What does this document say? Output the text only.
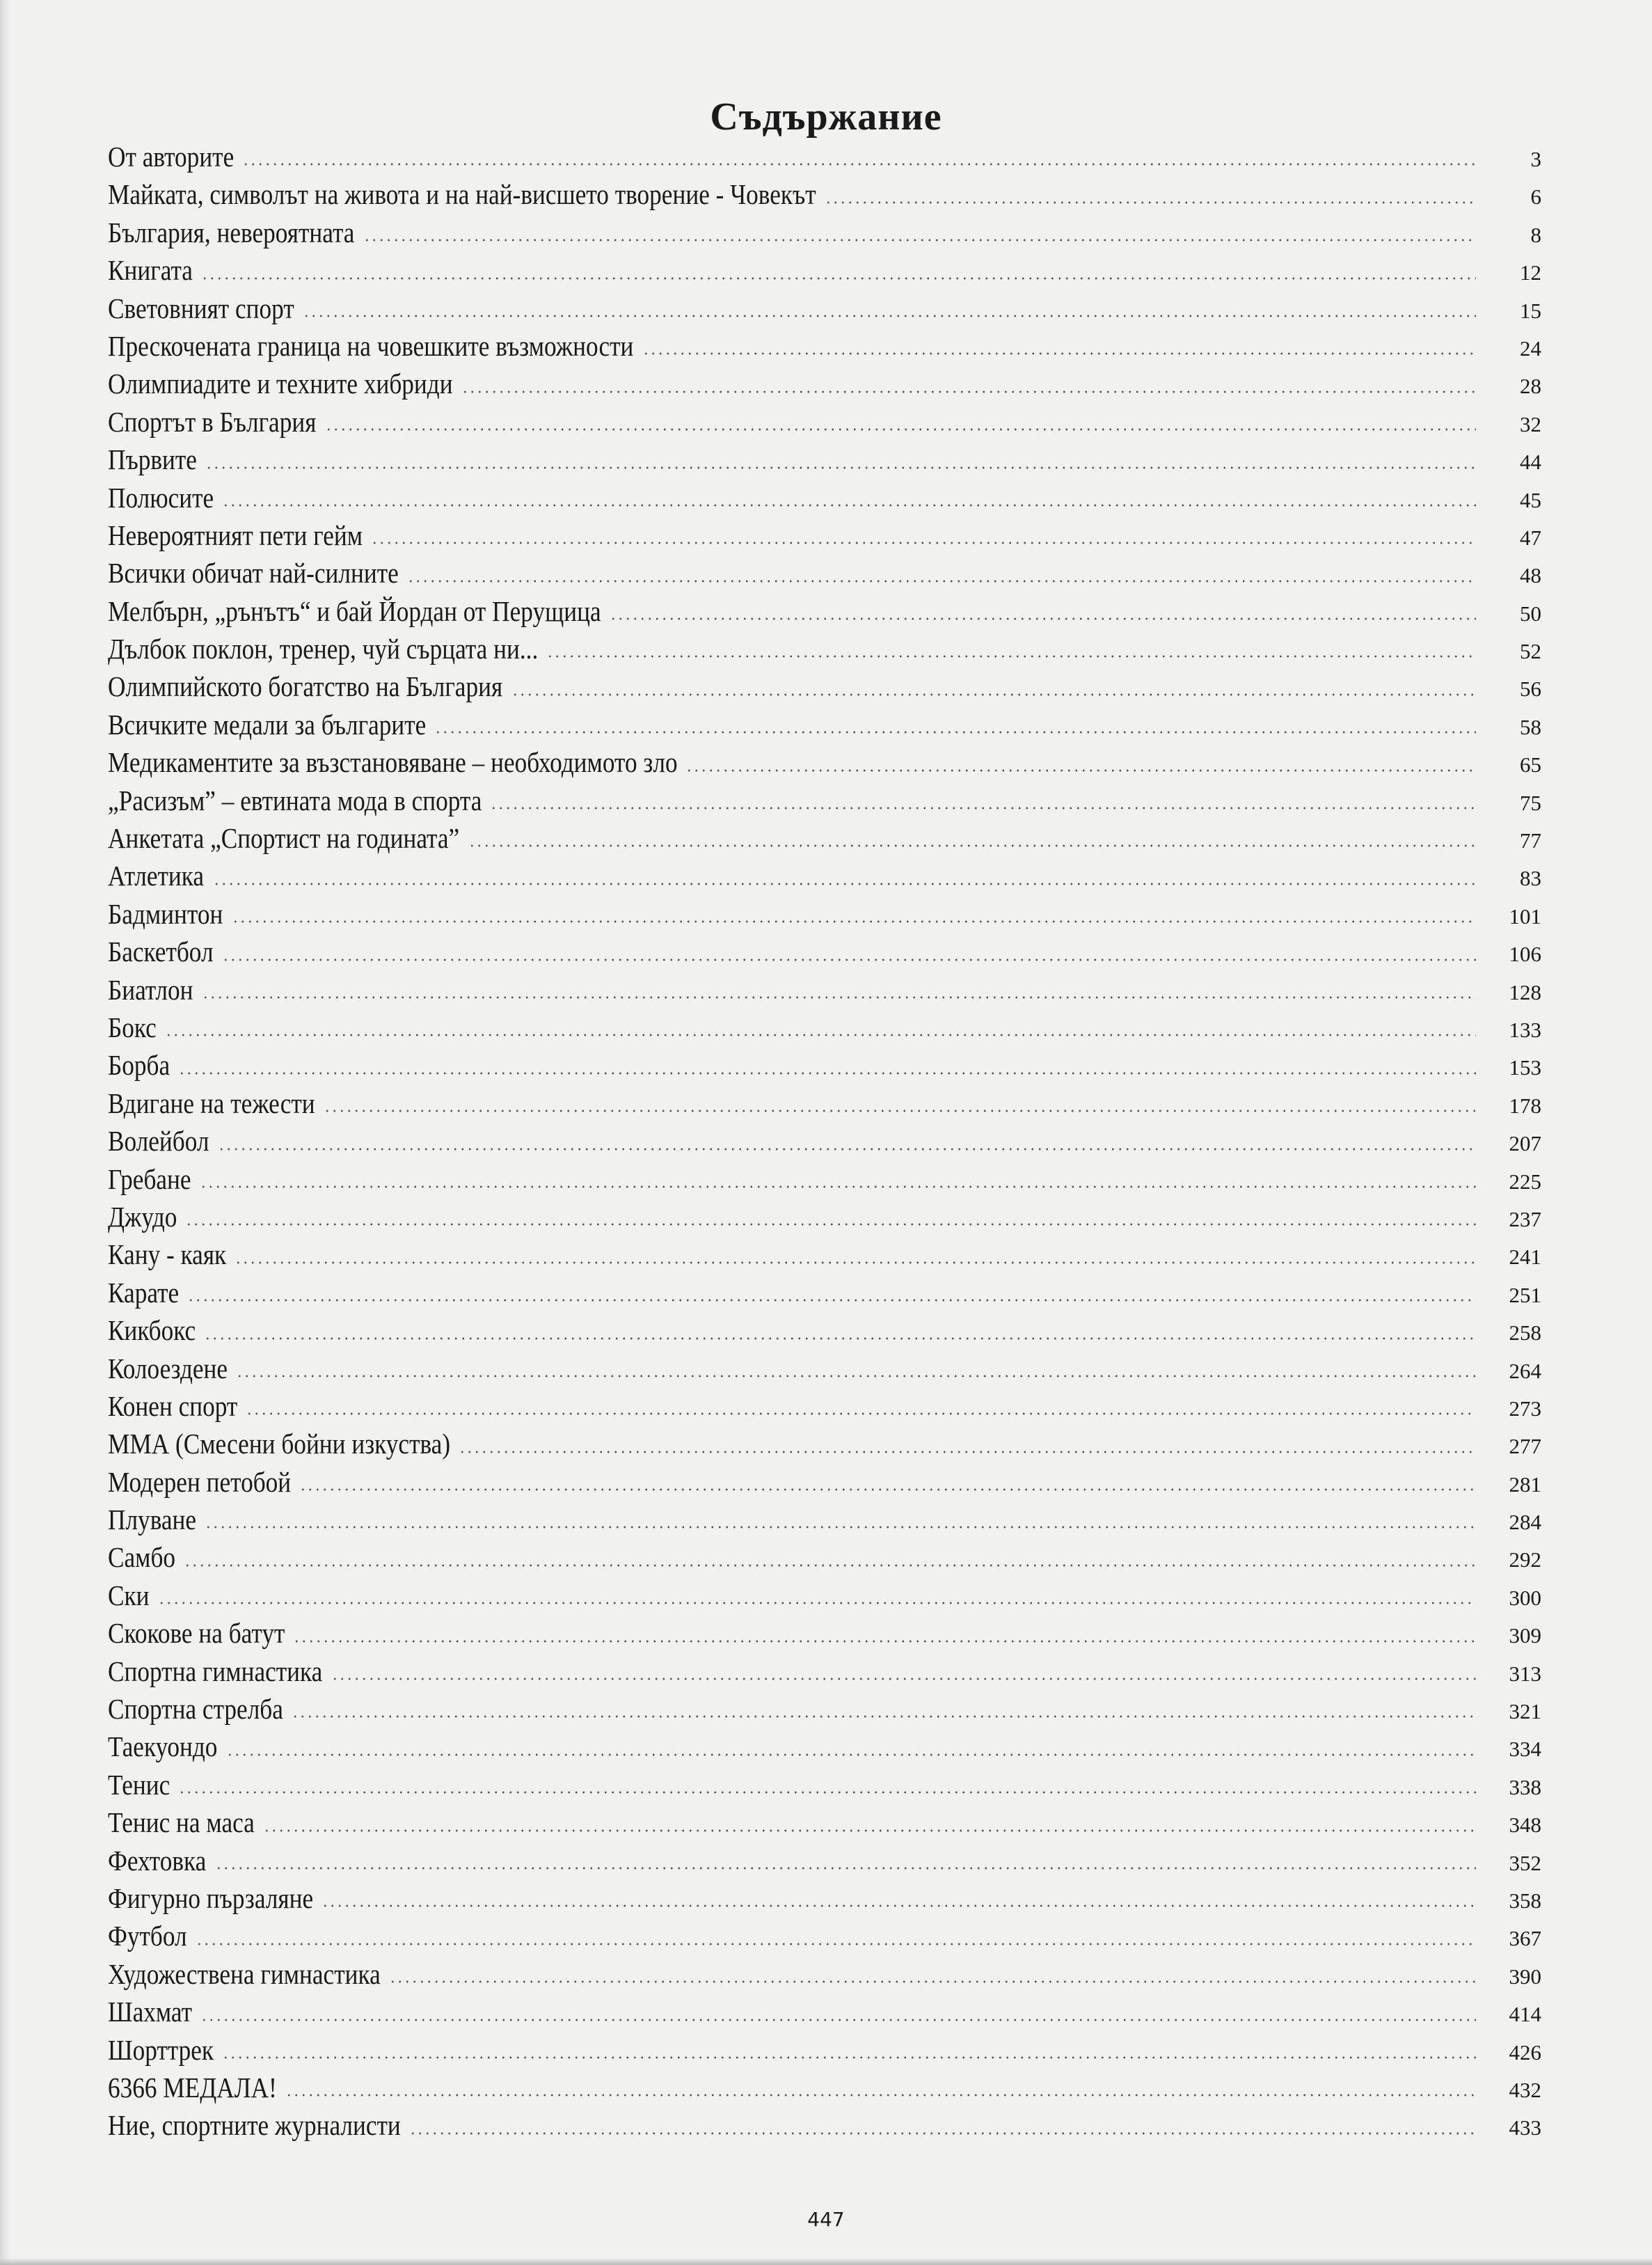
Съдържание
От авторите	3
Майката, символът на живота и на най-висшето творение - Човекът	6
България, невероятната	8
Книгата	12
Световният спорт	15
Прескочената граница на човешките възможности	24
Олимпиадите и техните хибриди	28
Спортът в България	32
Първите	44
Полюсите	45
Невероятният пети гейм	47
Всички обичат най-силните	48
Мелбърн, „рънътъ“ и бай Йордан от Перущица	50
Дълбок поклон, тренер, чуй сърцата ни...	52
Олимпийското богатство на България	56
Всичките медали за българите	58
Медикаментите за възстановяване – необходимото зло	65
„Расизъм” – евтината мода в спорта	75
Анкетата „Спортист на годината”	77
Атлетика	83
Бадминтон	101
Баскетбол	106
Биатлон	128
Бокс	133
Борба	153
Вдигане на тежести	178
Волейбол	207
Гребане	225
Джудо	237
Кану - каяк	241
Карате	251
Кикбокс	258
Колоездене	264
Конен спорт	273
ММА (Смесени бойни изкуства)	277
Модерен петобой	281
Плуване	284
Самбо	292
Ски	300
Скокове на батут	309
Спортна гимнастика	313
Спортна стрелба	321
Таекуондо	334
Тенис	338
Тенис на маса	348
Фехтовка	352
Фигурно пързаляне	358
Футбол	367
Художествена гимнастика	390
Шахмат	414
Шорттрек	426
6366 МЕДАЛА!	432
Ние, спортните журналисти	433
447
